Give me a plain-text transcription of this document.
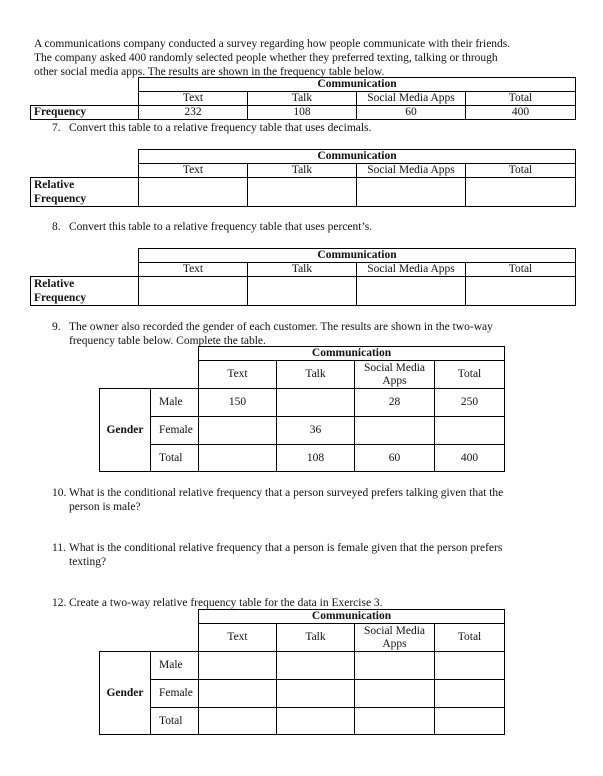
A communications company conducted a survey regarding how people communicate with their friends.
The company asked 400 randomly selected people whether they preferred texting, talking or through
other social media apps. The results are shown in the frequency table below.
	Communication			
	Text	Talk	Social Media Apps	Total
Frequency	232	108	60	400
7. Convert this table to a relative frequency table that uses decimals.
	Communication			
	Text	Talk	Social Media Apps	Total

Relative
Frequency				

8. Convert this table to a relative frequency table that uses percent’s.
	Communication			
	Text	Talk	Social Media Apps	Total

Relative
Frequency				

9. The owner also recorded the gender of each customer. The results are shown in the two-way
frequency table below. Complete the table.
		Communication			
		Text	Talk	Social Media Apps	Total
Gender	Male	150		28	250
	Female		36		
	Total		108	60	400
10. What is the conditional relative frequency that a person surveyed prefers talking given that the
person is male?
11. What is the conditional relative frequency that a person is female given that the person prefers
texting?
12. Create a two-way relative frequency table for the data in Exercise 3.
		Communication			
		Text	Talk	Social Media Apps	Total
Gender	Male				
	Female				
	Total				
